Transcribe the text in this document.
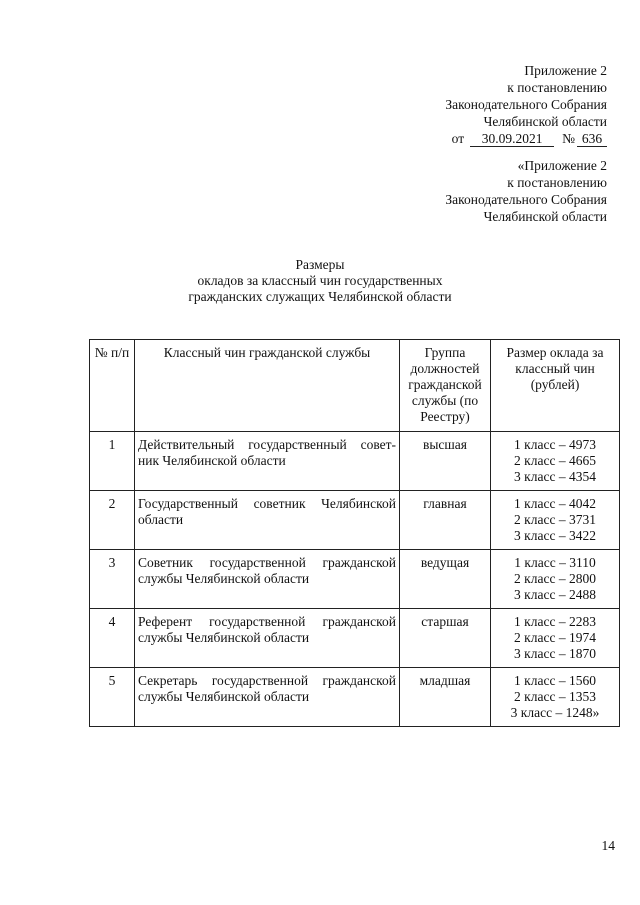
Приложение 2
к постановлению
Законодательного Собрания
Челябинской области
от 30.09.2021 № 636
«Приложение 2
к постановлению
Законодательного Собрания
Челябинской области
Размеры
окладов за классный чин государственных
гражданских служащих Челябинской области
№ п/п	Классный чин гражданской службы	Группа должностей гражданской службы (по Реестру)	Размер оклада за классный чин (рублей)
1	Действительный государственный совет-ник Челябинской области	высшая	1 класс – 4973
2 класс – 4665
3 класс – 4354

2	Государственный советник Челябинской области	главная	1 класс – 4042
2 класс – 3731
3 класс – 3422

3	Советник государственной гражданской службы Челябинской области	ведущая	1 класс – 3110
2 класс – 2800
3 класс – 2488

4	Референт государственной гражданской службы Челябинской области	старшая	1 класс – 2283
2 класс – 1974
3 класс – 1870

5	Секретарь государственной гражданской службы Челябинской области	младшая	1 класс – 1560
2 класс – 1353
3 класс – 1248»
14
